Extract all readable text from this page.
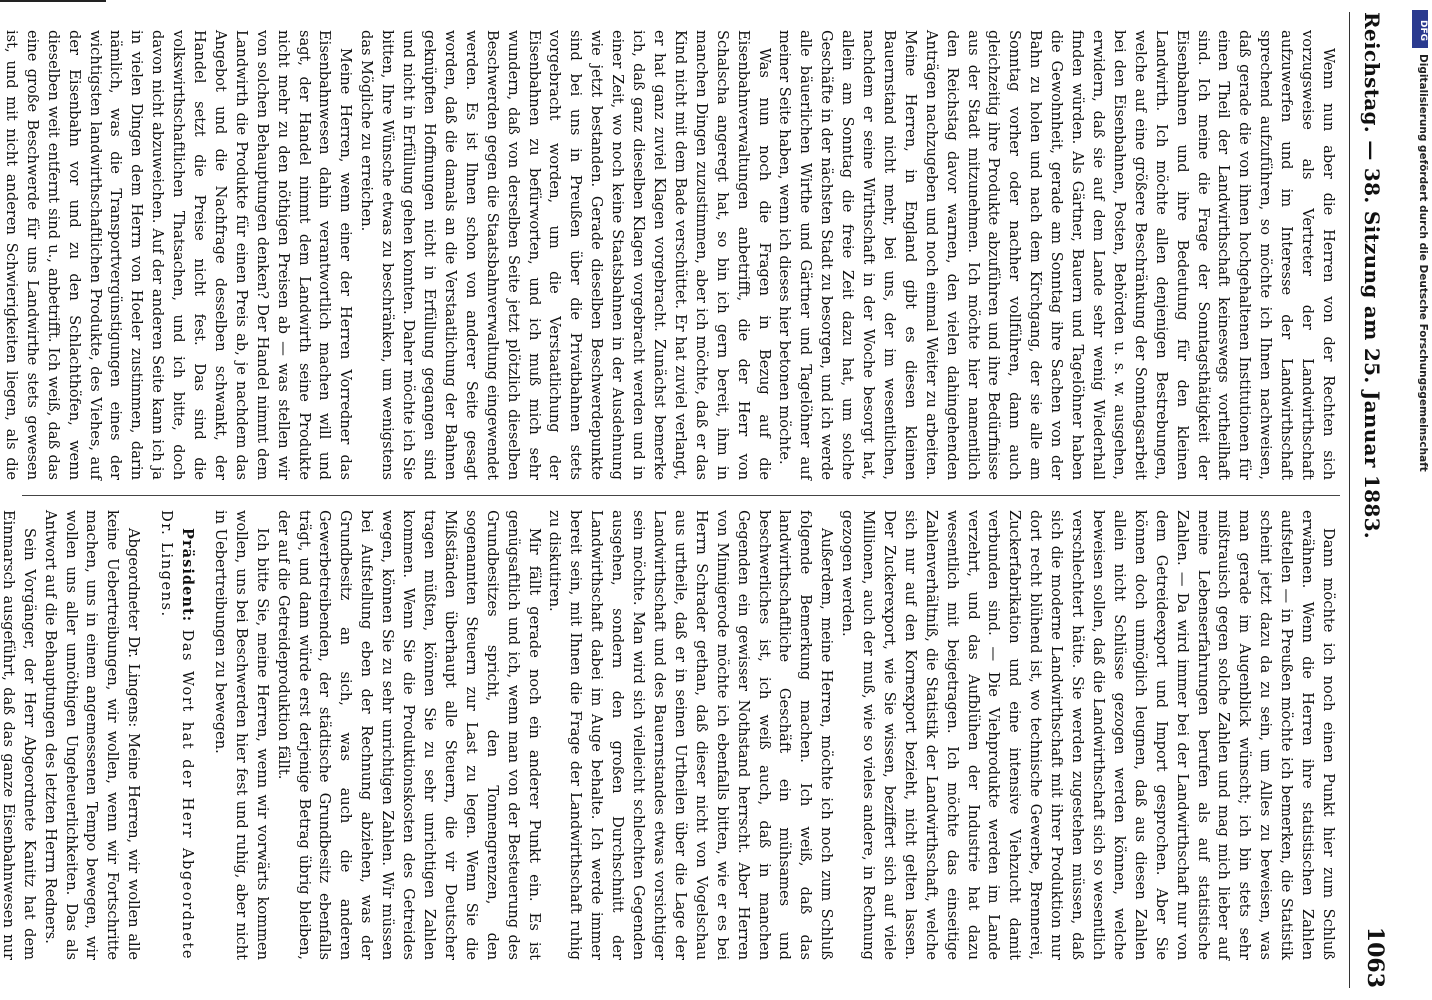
Reichstag. — 38. Sitzung am 25. Januar 1883.
1063

Wenn nun aber die Herren von der Rechten sich vorzugsweise als Vertreter der Landwirthschaft aufzuwerfen und im Interesse der Landwirthschaft sprechend aufzuführen, so möchte ich Ihnen nachweisen, daß gerade die von ihnen hochgehaltenen Institutionen für einen Theil der Landwirthschaft keineswegs vortheilhaft sind. Ich meine die Frage der Sonntagsthätigkeit der Eisenbahnen und ihre Bedeutung für den kleinen Landwirth. Ich möchte allen denjenigen Bestrebungen, welche auf eine größere Beschränkung der Sonntagsarbeit bei den Eisenbahnen, Posten, Behörden u. s. w. ausgehen, erwidern, daß sie auf dem Lande sehr wenig Wiederhall finden würden. Als Gärtner, Bauern und Tagelöhner haben die Gewohnheit, gerade am Sonntag ihre Sachen von der Bahn zu holen und nach dem Kirchgang, der sie alle am Sonntag vorher oder nachher vollführen, dann auch gleichzeitig ihre Produkte abzuführen und ihre Bedürfnisse aus der Stadt mitzunehmen. Ich möchte hier namentlich den Reichstag davor warnen, den vielen dahingehenden Anträgen nachzugeben und noch einmal Weiter zu arbeiten. Meine Herren, in England gibt es diesen kleinen Bauernstand nicht mehr, bei uns, der im wesentlichen, nachdem er seine Wirthschaft in der Woche besorgt hat, allein am Sonntag die freie Zeit dazu hat, um solche Geschäfte in der nächsten Stadt zu besorgen, und ich werde alle bäuerlichen Wirthe und Gärtner und Tagelöhner auf meiner Seite haben, wenn ich dieses hier betonen möchte.

Was nun noch die Fragen in Bezug auf die Eisenbahnverwaltungen anbetrifft, die der Herr von Schalscha angeregt hat, so bin ich gern bereit, ihm in manchen Dingen zuzustimmen, aber ich möchte, daß er das Kind nicht mit dem Bade verschüttet. Er hat zuviel verlangt, er hat ganz zuviel Klagen vorgebracht. Zunächst bemerke ich, daß ganz dieselben Klagen vorgebracht werden und in einer Zeit, wo noch keine Staatsbahnen in der Ausdehnung wie jetzt bestanden. Gerade dieselben Beschwerdepunkte sind bei uns in Preußen über die Privatbahnen stets vorgebracht worden, um die Verstaatlichung der Eisenbahnen zu befürworten, und ich muß mich sehr wundern, daß von derselben Seite jetzt plötzlich dieselben Beschwerden gegen die Staatsbahnverwaltung eingewendet werden. Es ist Ihnen schon von anderer Seite gesagt worden, daß die damals an die Verstaatlichung der Bahnen geknüpften Hoffnungen nicht in Erfüllung gegangen sind und nicht in Erfüllung gehen konnten. Daher möchte ich Sie bitten, Ihre Wünsche etwas zu beschränken, um wenigstens das Mögliche zu erreichen.

Meine Herren, wenn einer der Herren Vorredner das Eisenbahnwesen dahin verantwortlich machen will und sagt, der Handel nimmt dem Landwirth seine Produkte nicht mehr zu den nöthigen Preisen ab — was stellen wir von solchen Behauptungen denken? Der Handel nimmt dem Landwirth die Produkte für einen Preis ab, je nachdem das Angebot und die Nachfrage desselben schwankt, der Handel setzt die Preise nicht fest. Das sind die volkswirthschaftlichen Thatsachen, und ich bitte, doch davon nicht abzuweichen. Auf der anderen Seite kann ich ja in vielen Dingen dem Herrn von Hoeler zustimmen, darin nämlich, was die Transportvergünstigungen eines der wichtigsten landwirthschaftlichen Produkte, des Viehes, auf der Eisenbahn vor und zu den Schlachthöfen, wenn dieselben weit entfernt sind u., anbetrifft. Ich weiß, daß das eine große Beschwerde für uns Landwirthe stets gewesen ist, und mit nicht anderen Schwierigkeiten liegen, als die

Dann möchte ich noch einen Punkt hier zum Schluß erwähnen. Wenn die Herren ihre statistischen Zahlen aufstellen — in Preußen möchte ich bemerken, die Statistik scheint jetzt dazu da zu sein, um Alles zu beweisen, was man gerade im Augenblick wünscht; ich bin stets sehr mißtrauisch gegen solche Zahlen und mag mich lieber auf meine Lebenserfahrungen berufen als auf statistische Zahlen. — Da wird immer bei der Landwirthschaft nur von dem Getreideexport und Import gesprochen. Aber Sie können doch unmöglich leugnen, daß aus diesen Zahlen allein nicht Schlüsse gezogen werden können, welche beweisen sollen, daß die Landwirthschaft sich so wesentlich verschlechtert hätte. Sie werden zugestehen müssen, daß sich die moderne Landwirthschaft mit ihrer Produktion nur dort recht blühend ist, wo technische Gewerbe, Brennerei, Zuckerfabrikation und eine intensive Viehzucht damit verbunden sind. — Die Viehprodukte werden im Lande verzehrt, und das Aufblühen der Industrie hat dazu wesentlich mit beigetragen. Ich möchte das einseitige Zahlenverhältniß, die Statistik der Landwirthschaft, welche sich nur auf den Kornexport bezieht, nicht gelten lassen. Der Zuckerexport, wie Sie wissen, beziffert sich auf viele Millionen, auch der muß, wie so vieles andere, in Rechnung gezogen werden.

Außerdem, meine Herren, möchte ich noch zum Schluß folgende Bemerkung machen. Ich weiß, daß das landwirthschaftliche Geschäft ein mühsames und beschwerliches ist, ich weiß auch, daß in manchen Gegenden ein gewisser Nothstand herrscht. Aber Herren von Minnigerode möchte ich ebenfalls bitten, wie er es bei Herrn Schrader gethan, daß dieser nicht von Vogelschau aus urtheile, daß er in seinen Urtheilen über die Lage der Landwirthschaft und des Bauernstandes etwas vorsichtiger sein möchte. Man wird sich vielleicht schlechten Gegenden ausgehen, sondern den großen Durchschnitt der Landwirthschaft dabei im Auge behalte. Ich werde immer bereit sein, mit Ihnen die Frage der Landwirthschaft ruhig zu diskutiren.

Mir fällt gerade noch ein anderer Punkt ein. Es ist genügsaftlich und ich, wenn man von der Besteuerung des Grundbesitzes spricht, den Tonnengrenzen, den sogenannten Steuern zur Last zu legen. Wenn Sie die Mißständen überhaupt alle Steuern, die vir Deutscher tragen müßten, können Sie zu sehr unrichtigen Zahlen kommen. Wenn Sie die Produktionskosten des Getreides wegen, können Sie zu sehr unrichtigen Zahlen. Wir müssen bei Aufstellung eben der Rechnung abziehen, was der Grundbesitz an sich, was auch die anderen Gewerbetreibenden, der städtische Grundbesitz ebenfalls trägt, und dann würde erst derjenige Betrag übrig bleiben, der auf die Getreideproduktion fällt.

Ich bitte Sie, meine Herren, wenn wir vorwärts kommen wollen, uns bei Beschwerden hier fest und ruhig, aber nicht in Uebertreibungen zu bewegen.

Präsident: Das Wort hat der Herr Abgeordnete Dr. Lingens.

Abgeordneter Dr. Lingens: Meine Herren, wir wollen alle keine Uebertreibungen, wir wollen, wenn wir Fortschritte machen, uns in einem angemessenen Tempo bewegen, wir wollen uns aller unnöthigen Ungeheuerlichkeiten. Das als Antwort auf die Behauptungen des letzten Herrn Redners.

Sein Vorgänger, der Herr Abgeordnete Kanitz hat dem Einmarsch ausgeführt, daß das ganze Eisenbahnwesen nur

DFG
Digitalisierung gefördert durch die Deutsche Forschungsgemeinschaft
